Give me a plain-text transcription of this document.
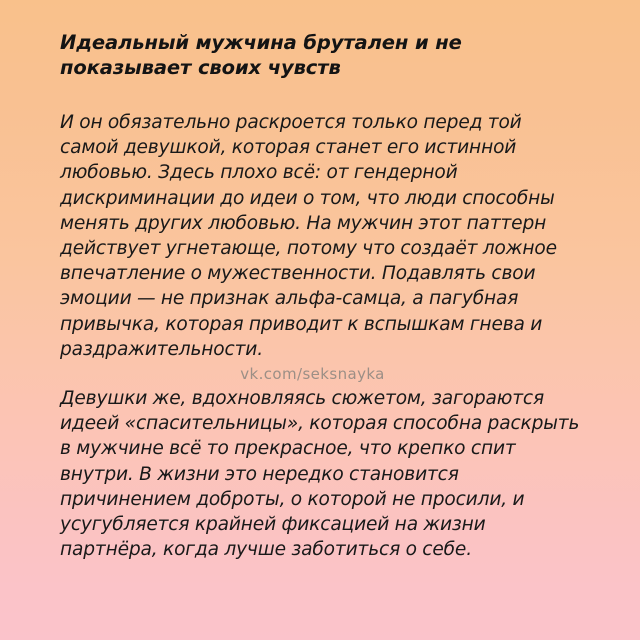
Идеальный мужчина брутален и не показывает своих чувств

И он обязательно раскроется только перед той самой девушкой, которая станет его истинной любовью. Здесь плохо всё: от гендерной дискриминации до идеи о том, что люди способны менять других любовью. На мужчин этот паттерн действует угнетающе, потому что создаёт ложное впечатление о мужественности. Подавлять свои эмоции — не признак альфа-самца, а пагубная привычка, которая приводит к вспышкам гнева и раздражительности.

vk.com/seksnayka

Девушки же, вдохновляясь сюжетом, загораются идеей «спасительницы», которая способна раскрыть в мужчине всё то прекрасное, что крепко спит внутри. В жизни это нередко становится причинением доброты, о которой не просили, и усугубляется крайней фиксацией на жизни партнёра, когда лучше заботиться о себе.
